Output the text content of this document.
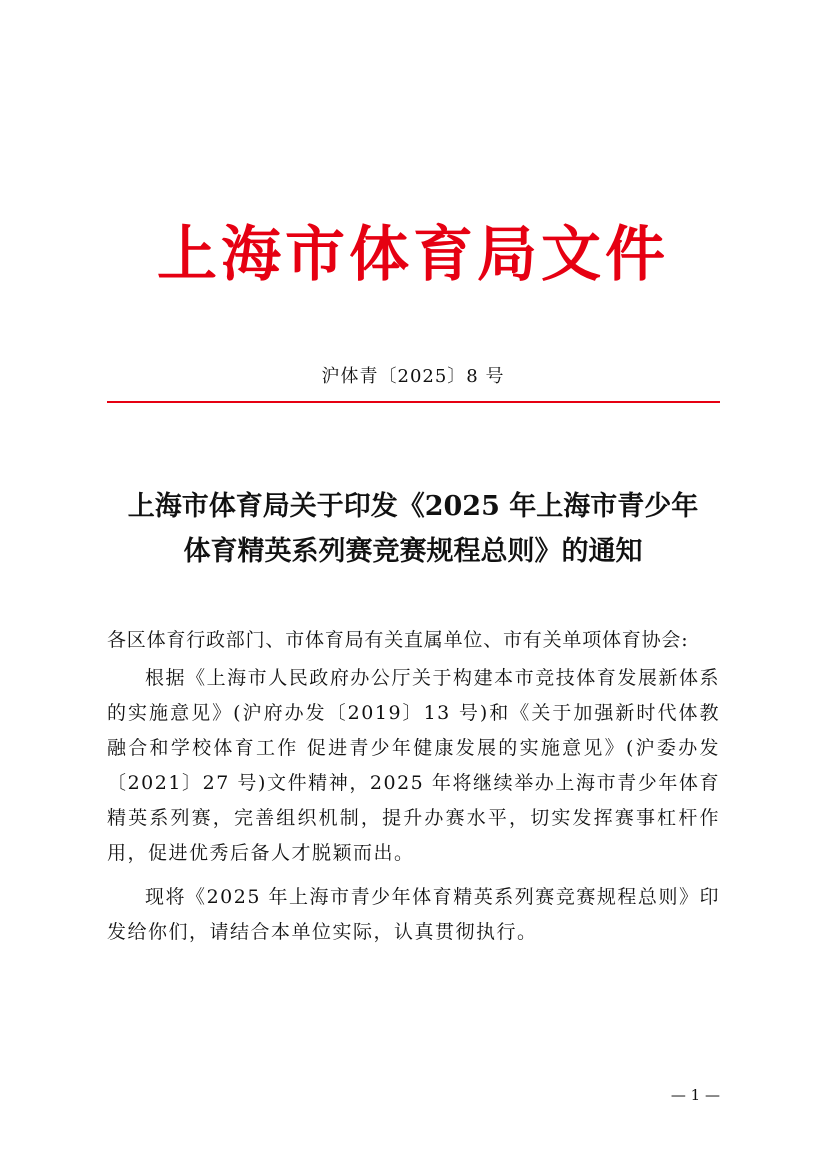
上海市体育局文件
沪体青〔2025〕8 号
上海市体育局关于印发《2025 年上海市青少年
体育精英系列赛竞赛规程总则》的通知
各区体育行政部门、市体育局有关直属单位、市有关单项体育协会:

根据《上海市人民政府办公厅关于构建本市竞技体育发展新体系的实施意见》(沪府办发〔2019〕13 号)和《关于加强新时代体教融合和学校体育工作 促进青少年健康发展的实施意见》(沪委办发〔2021〕27 号)文件精神，2025 年将继续举办上海市青少年体育精英系列赛，完善组织机制，提升办赛水平，切实发挥赛事杠杆作用，促进优秀后备人才脱颖而出。

现将《2025 年上海市青少年体育精英系列赛竞赛规程总则》印发给你们，请结合本单位实际，认真贯彻执行。

— 1 —
